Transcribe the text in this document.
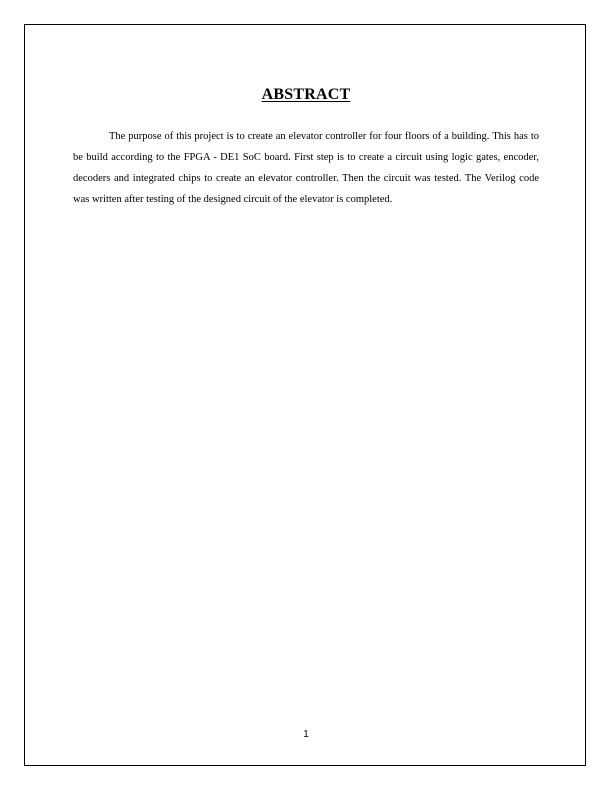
ABSTRACT

The purpose of this project is to create an elevator controller for four floors of a building. This has to be build according to the FPGA - DE1 SoC board. First step is to create a circuit using logic gates, encoder, decoders and integrated chips to create an elevator controller. Then the circuit was tested. The Verilog code was written after testing of the designed circuit of the elevator is completed.

1
